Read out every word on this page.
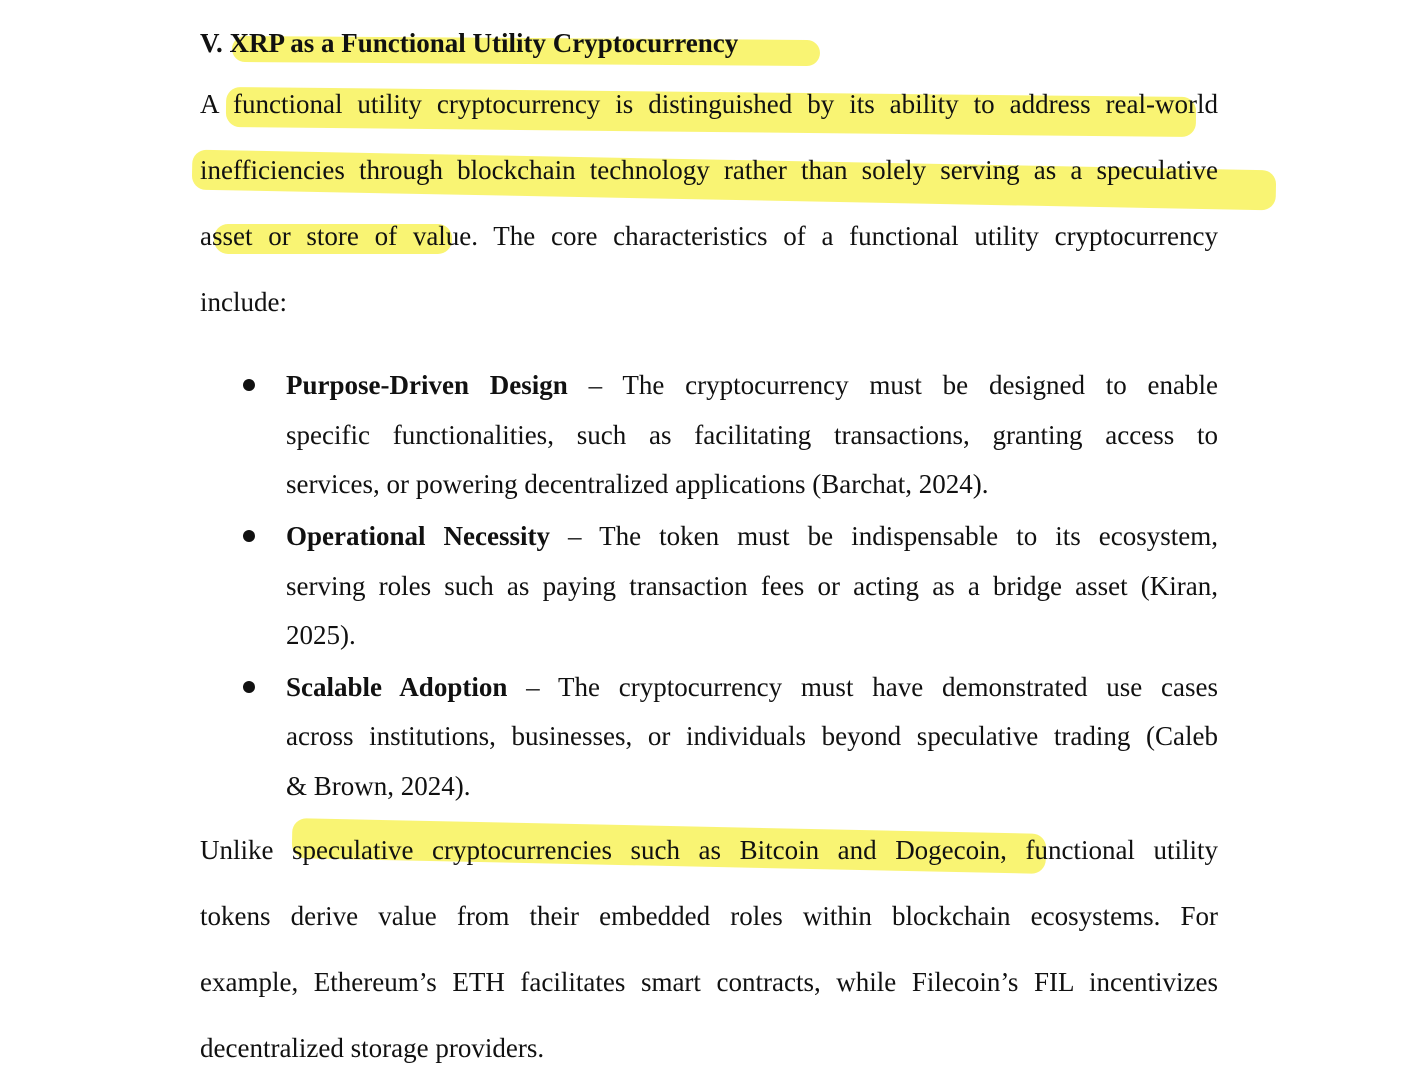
V. XRP as a Functional Utility Cryptocurrency
A functional utility cryptocurrency is distinguished by its ability to address real-world
inefficiencies through blockchain technology rather than solely serving as a speculative
asset or store of value. The core characteristics of a functional utility cryptocurrency
include:
Purpose-Driven Design – The cryptocurrency must be designed to enable
specific functionalities, such as facilitating transactions, granting access to
services, or powering decentralized applications (Barchat, 2024).
Operational Necessity – The token must be indispensable to its ecosystem,
serving roles such as paying transaction fees or acting as a bridge asset (Kiran,
2025).
Scalable Adoption – The cryptocurrency must have demonstrated use cases
across institutions, businesses, or individuals beyond speculative trading (Caleb
& Brown, 2024).
Unlike speculative cryptocurrencies such as Bitcoin and Dogecoin, functional utility
tokens derive value from their embedded roles within blockchain ecosystems. For
example, Ethereum’s ETH facilitates smart contracts, while Filecoin’s FIL incentivizes
decentralized storage providers.
